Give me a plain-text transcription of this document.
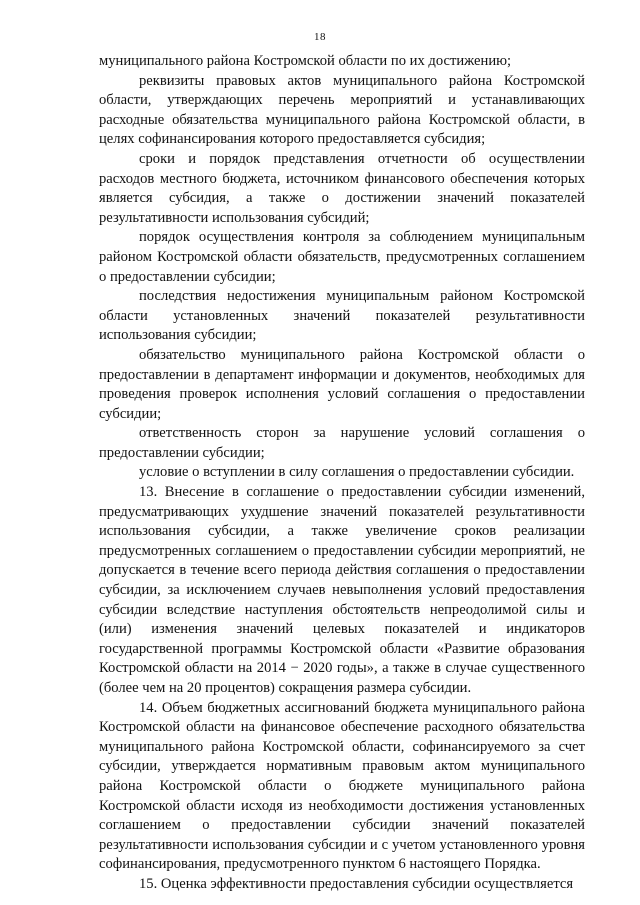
18

муниципального района Костромской области по их достижению;

реквизиты правовых актов муниципального района Костромской области, утверждающих перечень мероприятий и устанавливающих расходные обязательства муниципального района Костромской области, в целях софинансирования которого предоставляется субсидия;

сроки и порядок представления отчетности об осуществлении расходов местного бюджета, источником финансового обеспечения которых является субсидия, а также о достижении значений показателей результативности использования субсидий;

порядок осуществления контроля за соблюдением муниципальным районом Костромской области обязательств, предусмотренных соглашением о предоставлении субсидии;

последствия недостижения муниципальным районом Костромской области установленных значений показателей результативности использования субсидии;

обязательство муниципального района Костромской области о предоставлении в департамент информации и документов, необходимых для проведения проверок исполнения условий соглашения о предоставлении субсидии;

ответственность сторон за нарушение условий соглашения о предоставлении субсидии;

условие о вступлении в силу соглашения о предоставлении субсидии.

13. Внесение в соглашение о предоставлении субсидии изменений, предусматривающих ухудшение значений показателей результативности использования субсидии, а также увеличение сроков реализации предусмотренных соглашением о предоставлении субсидии мероприятий, не допускается в течение всего периода действия соглашения о предоставлении субсидии, за исключением случаев невыполнения условий предоставления субсидии вследствие наступления обстоятельств непреодолимой силы и (или) изменения значений целевых показателей и индикаторов государственной программы Костромской области «Развитие образования Костромской области на 2014 − 2020 годы», а также в случае существенного (более чем на 20 процентов) сокращения размера субсидии.

14. Объем бюджетных ассигнований бюджета муниципального района Костромской области на финансовое обеспечение расходного обязательства муниципального района Костромской области, софинансируемого за счет субсидии, утверждается нормативным правовым актом муниципального района Костромской области о бюджете муниципального района Костромской области исходя из необходимости достижения установленных соглашением о предоставлении субсидии значений показателей результативности использования субсидии и с учетом установленного уровня софинансирования, предусмотренного пунктом 6 настоящего Порядка.

15. Оценка эффективности предоставления субсидии осуществляется
